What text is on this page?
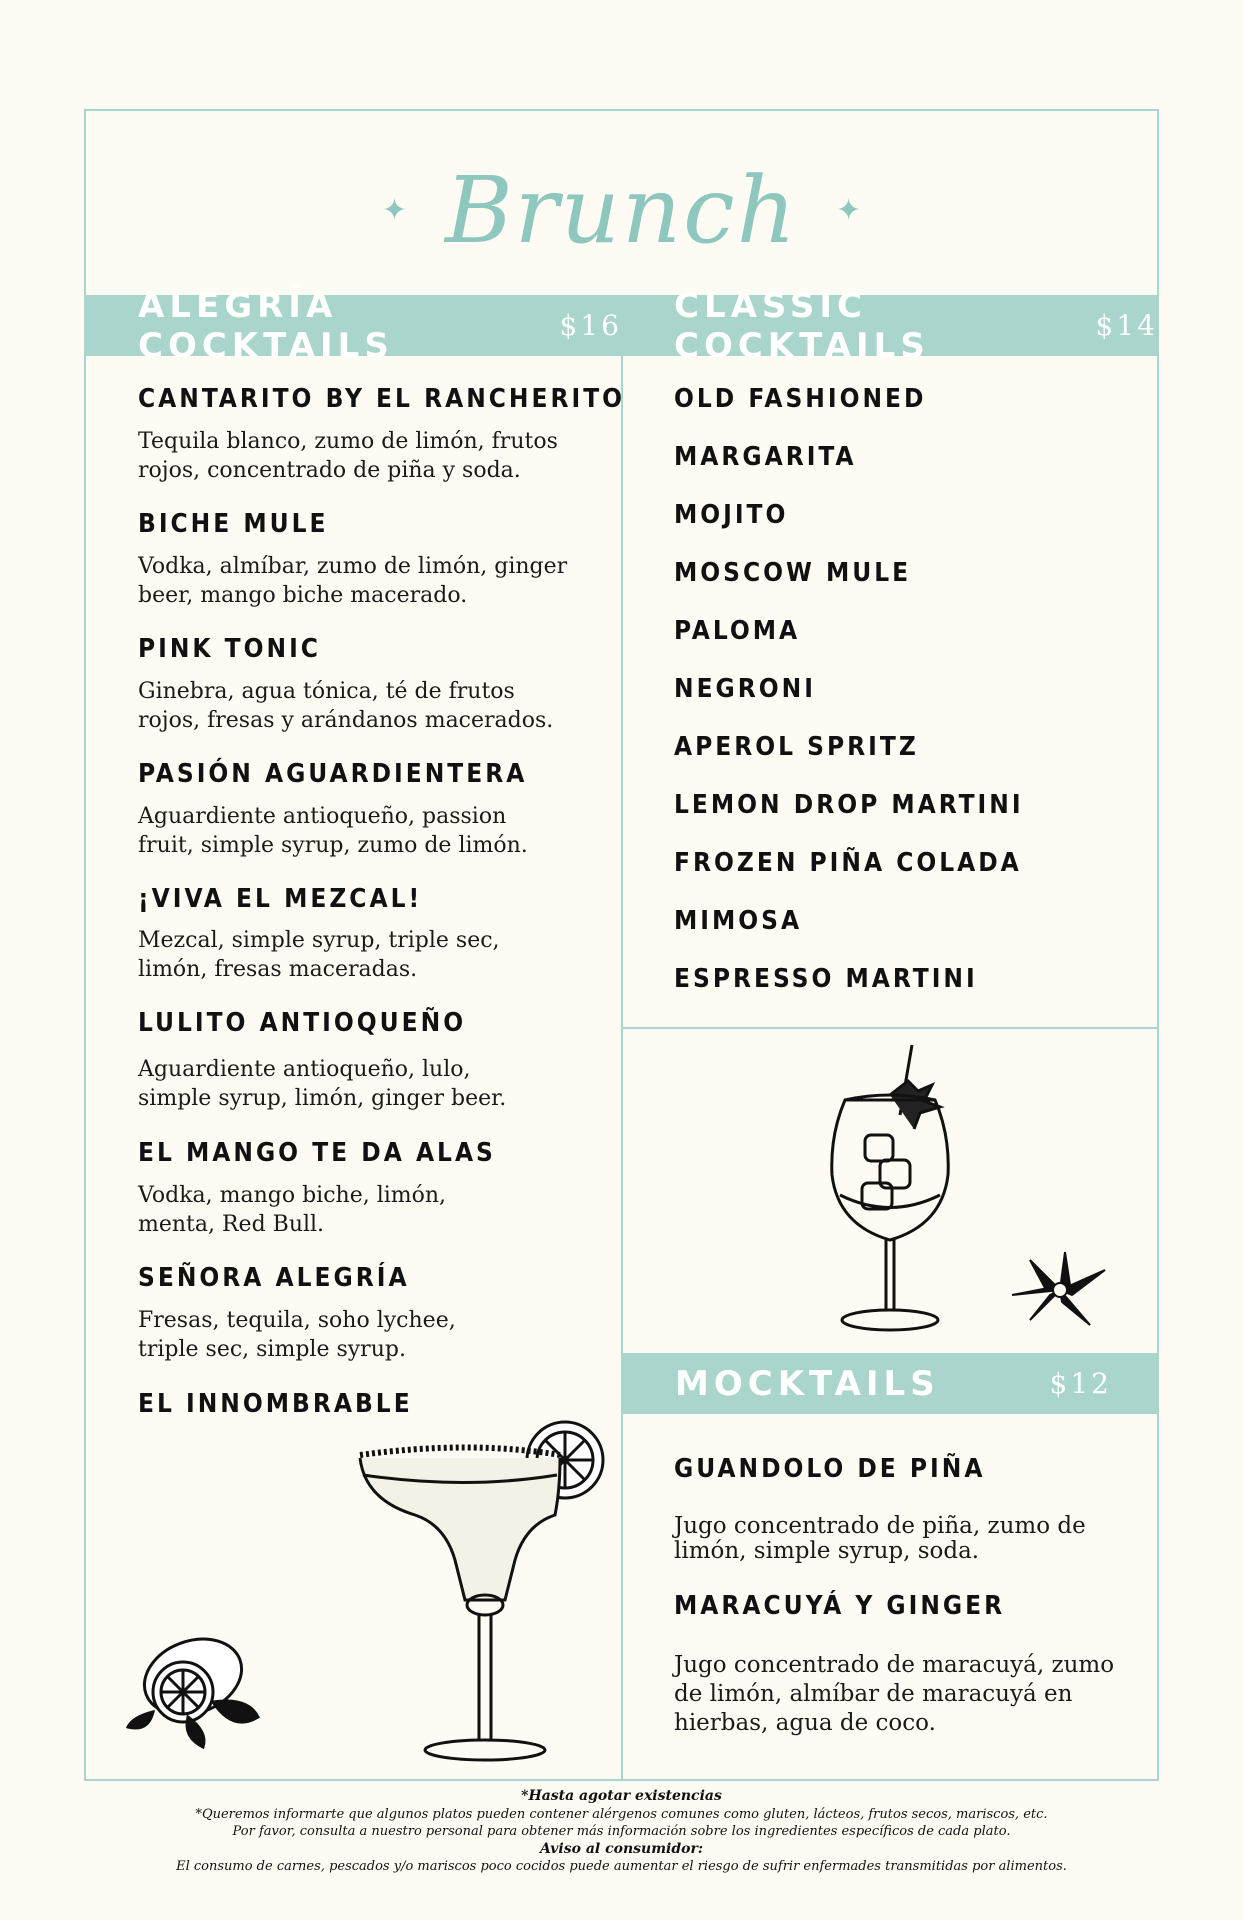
✦ Brunch ✦
ALEGRÍA COCKTAILS	$16 CLASSIC COCKTAILS	$14
MOCKTAILS	$12
CANTARITO BY EL RANCHERITO
Tequila blanco, zumo de limón, frutos rojos, concentrado de piña y soda.
BICHE MULE
Vodka, almíbar, zumo de limón, ginger beer, mango biche macerado.
PINK TONIC
Ginebra, agua tónica, té de frutos rojos, fresas y arándanos macerados.
PASIÓN AGUARDIENTERA
Aguardiente antioqueño, passion fruit, simple syrup, zumo de limón.
¡VIVA EL MEZCAL!
Mezcal, simple syrup, triple sec, limón, fresas maceradas.
LULITO ANTIOQUEÑO
Aguardiente antioqueño, lulo, simple syrup, limón, ginger beer.
EL MANGO TE DA ALAS
Vodka, mango biche, limón, menta, Red Bull.
SEÑORA ALEGRÍA
Fresas, tequila, soho lychee, triple sec, simple syrup.
EL INNOMBRABLE
OLD FASHIONED
MARGARITA
MOJITO
MOSCOW MULE
PALOMA
NEGRONI
APEROL SPRITZ
LEMON DROP MARTINI
FROZEN PIÑA COLADA
MIMOSA
ESPRESSO MARTINI
GUANDOLO DE PIÑA
Jugo concentrado de piña, zumo de limón, simple syrup, soda.
MARACUYÁ Y GINGER
Jugo concentrado de maracuyá, zumo de limón, almíbar de maracuyá en hierbas, agua de coco.
*Hasta agotar existencias
*Queremos informarte que algunos platos pueden contener alérgenos comunes como gluten, lácteos, frutos secos, mariscos, etc.
Por favor, consulta a nuestro personal para obtener más información sobre los ingredientes específicos de cada plato.
Aviso al consumidor:
El consumo de carnes, pescados y/o mariscos poco cocidos puede aumentar el riesgo de sufrir enfermades transmitidas por alimentos.
